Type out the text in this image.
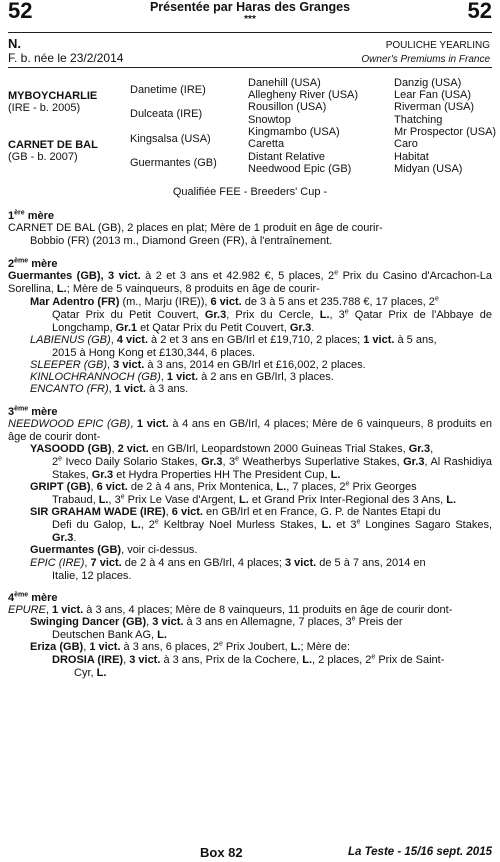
52	52
Présentée par Haras des Granges
***
N.
F. b. née le 23/2/2014
POULICHE YEARLING
Owner's Premiums in France
MYBOYCHARLIE
(IRE - b. 2005)
CARNET DE BAL
(GB - b. 2007)
Danetime (IRE)
Dulceata (IRE)
Kingsalsa (USA)
Guermantes (GB)
Danehill (USA)
Allegheny River (USA)
Rousillon (USA)
Snowtop
Kingmambo (USA)
Caretta
Distant Relative
Needwood Epic (GB)
Danzig (USA)
Lear Fan (USA)
Riverman (USA)
Thatching
Mr Prospector (USA)
Caro
Habitat
Midyan (USA)
Qualifiée FEE - Breeders' Cup -
1ère mère
CARNET DE BAL (GB), 2 places en plat; Mère de 1 produit en âge de courir-
Bobbio (FR) (2013 m., Diamond Green (FR), à l'entraînement.
2ème mère
Guermantes (GB), 3 vict. à 2 et 3 ans et 42.982 €, 5 places, 2e Prix du Casino d'Arcachon-La Sorellina, L.; Mère de 5 vainqueurs, 8 produits en âge de courir-
Mar Adentro (FR) (m., Marju (IRE)), 6 vict. de 3 à 5 ans et 235.788 €, 17 places, 2e
Qatar Prix du Petit Couvert, Gr.3, Prix du Cercle, L., 3e Qatar Prix de l'Abbaye de Longchamp, Gr.1 et Qatar Prix du Petit Couvert, Gr.3.
LABIENUS (GB), 4 vict. à 2 et 3 ans en GB/Irl et £19,710, 2 places; 1 vict. à 5 ans,
2015 à Hong Kong et £130,344, 6 places.
SLEEPER (GB), 3 vict. à 3 ans, 2014 en GB/Irl et £16,002, 2 places.
KINLOCHRANNOCH (GB), 1 vict. à 2 ans en GB/Irl, 3 places.
ENCANTO (FR), 1 vict. à 3 ans.
3ème mère
NEEDWOOD EPIC (GB), 1 vict. à 4 ans en GB/Irl, 4 places; Mère de 6 vainqueurs, 8 produits en âge de courir dont-
YASOODD (GB), 2 vict. en GB/Irl, Leopardstown 2000 Guineas Trial Stakes, Gr.3,
2e Iveco Daily Solario Stakes, Gr.3, 3e Weatherbys Superlative Stakes, Gr.3, Al Rashidiya Stakes, Gr.3 et Hydra Properties HH The President Cup, L.
GRIPT (GB), 6 vict. de 2 à 4 ans, Prix Montenica, L., 7 places, 2e Prix Georges
Trabaud, L., 3e Prix Le Vase d'Argent, L. et Grand Prix Inter-Regional des 3 Ans, L.
SIR GRAHAM WADE (IRE), 6 vict. en GB/Irl et en France, G. P. de Nantes Etapi du
Defi du Galop, L., 2e Keltbray Noel Murless Stakes, L. et 3e Longines Sagaro Stakes, Gr.3.
Guermantes (GB), voir ci-dessus.
EPIC (IRE), 7 vict. de 2 à 4 ans en GB/Irl, 4 places; 3 vict. de 5 à 7 ans, 2014 en
Italie, 12 places.
4ème mère
EPURE, 1 vict. à 3 ans, 4 places; Mère de 8 vainqueurs, 11 produits en âge de courir dont-
Swinging Dancer (GB), 3 vict. à 3 ans en Allemagne, 7 places, 3e Preis der
Deutschen Bank AG, L.
Eriza (GB), 1 vict. à 3 ans, 6 places, 2e Prix Joubert, L.; Mère de:
DROSIA (IRE), 3 vict. à 3 ans, Prix de la Cochere, L., 2 places, 2e Prix de Saint-
Cyr, L.
Box 82	La Teste - 15/16 sept. 2015
